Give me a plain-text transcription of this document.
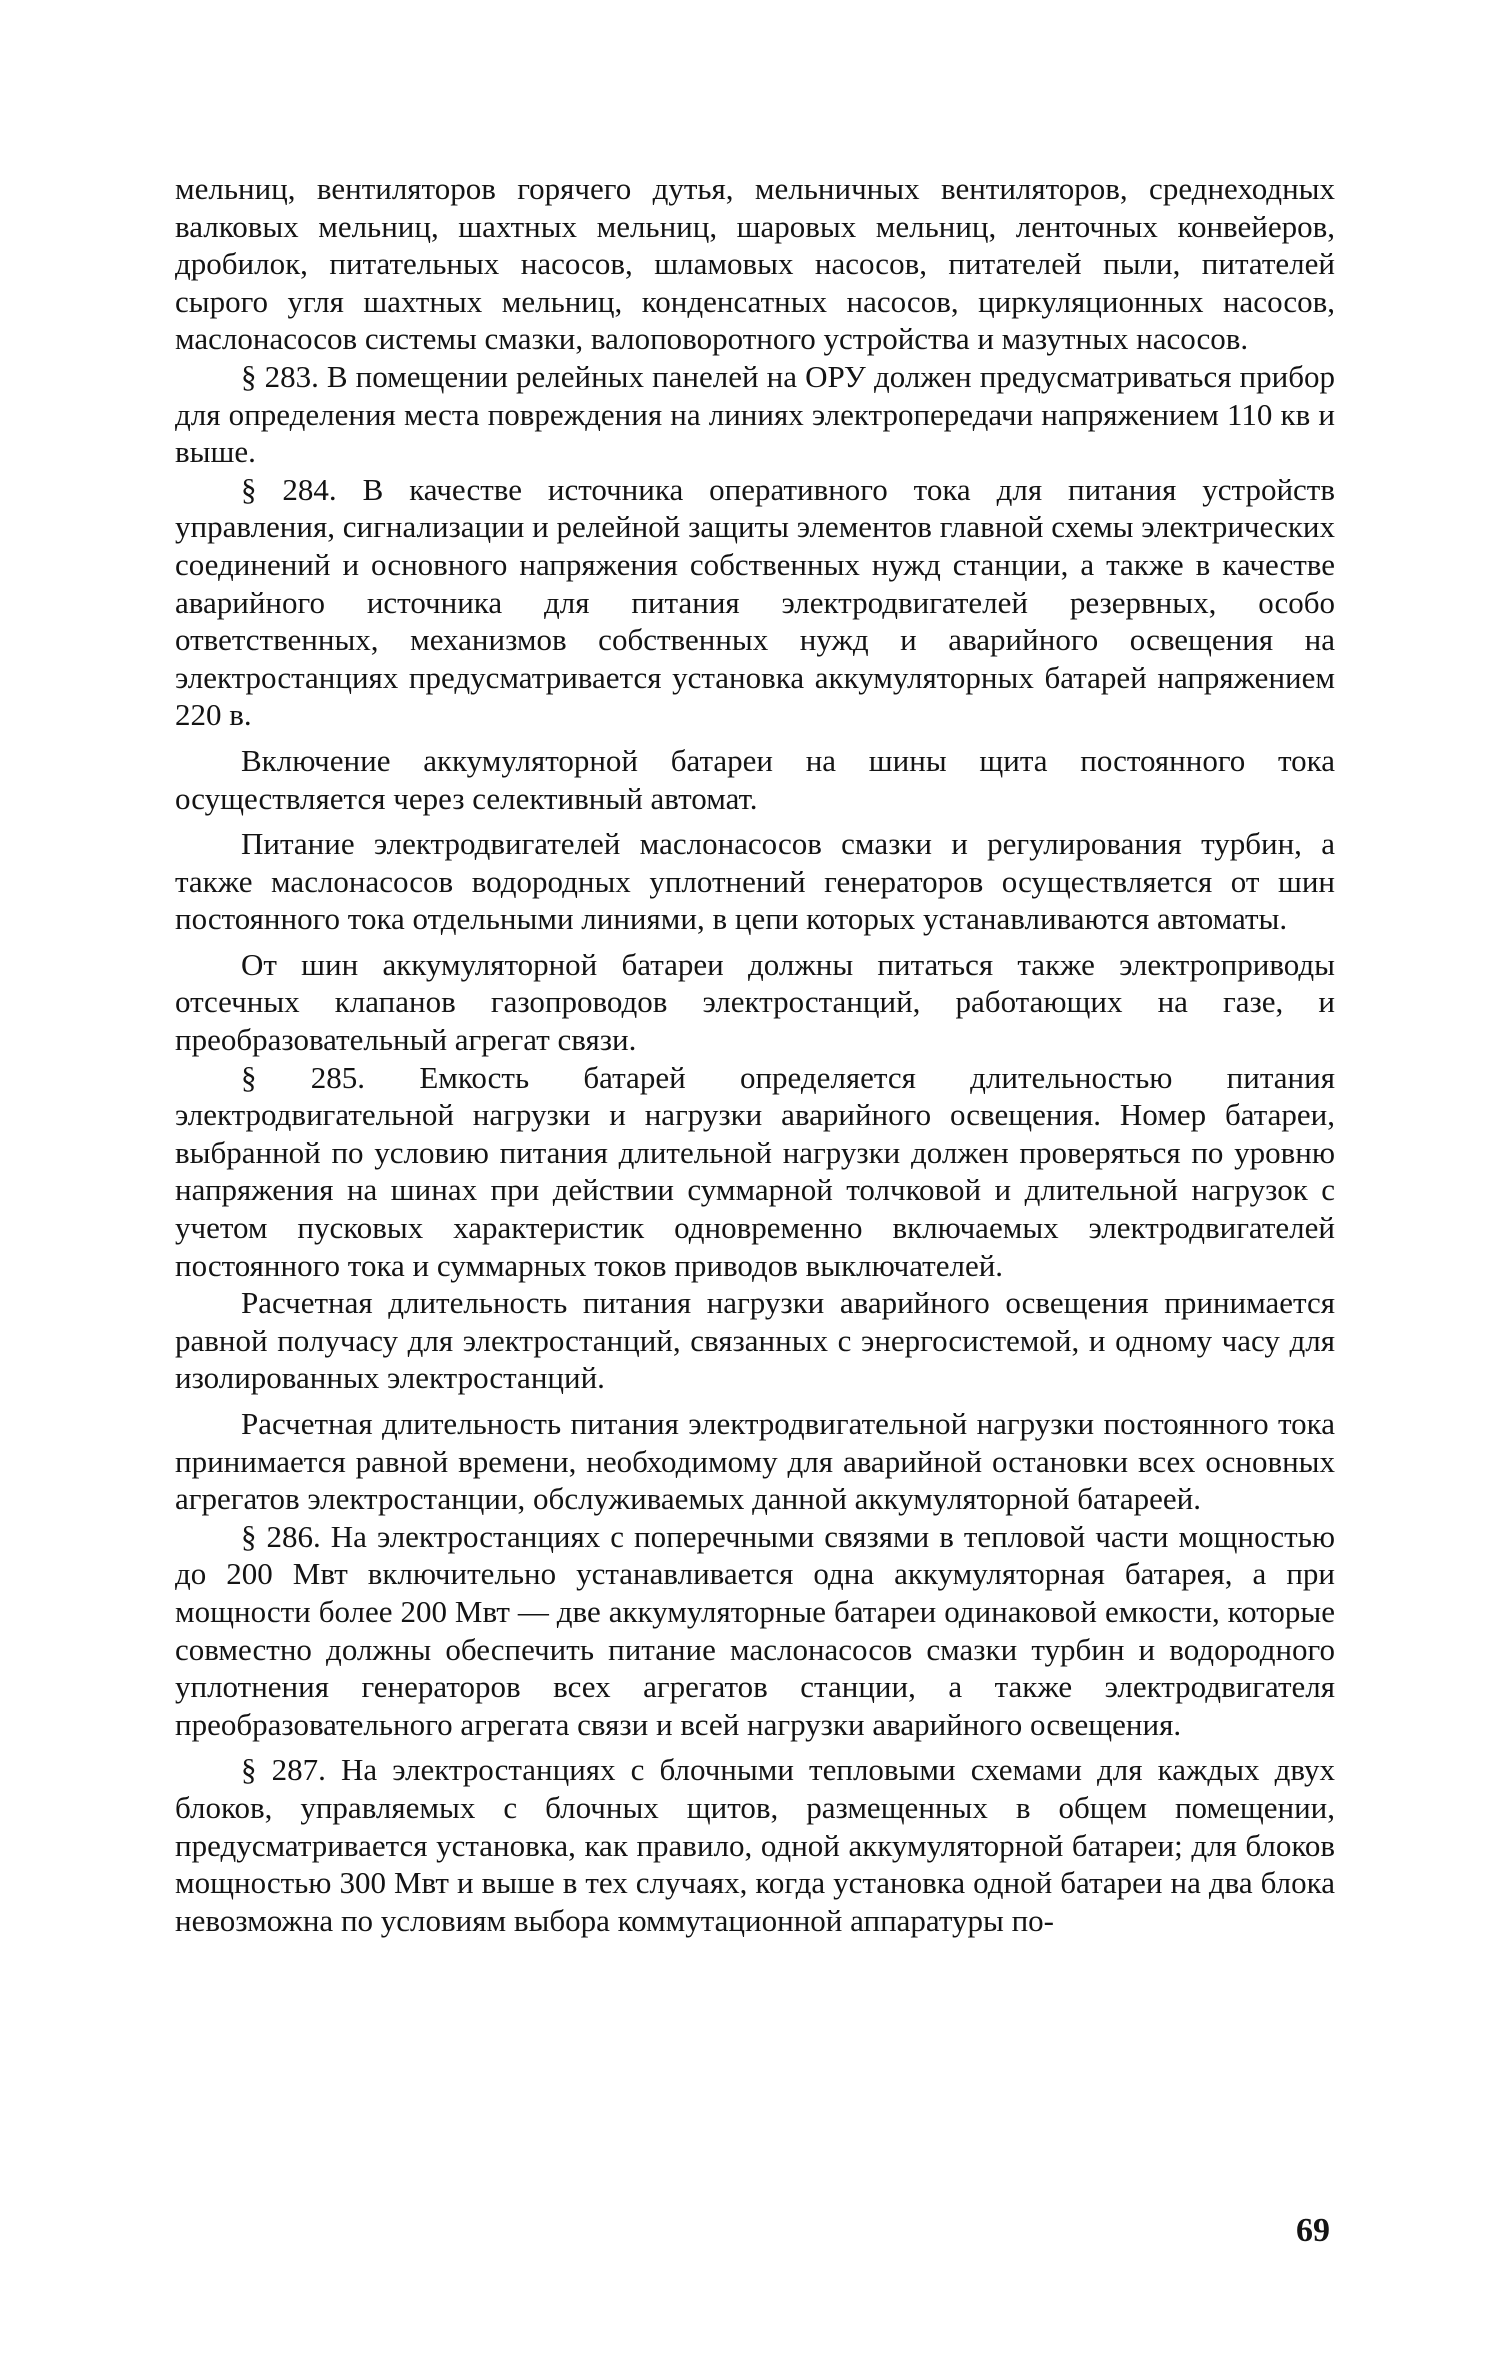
мельниц, вентиляторов горячего дутья, мельничных вентиляторов, среднеходных валковых мельниц, шахтных мельниц, шаровых мельниц, ленточных конвейеров, дробилок, питательных насосов, шламовых насосов, питателей пыли, питателей сырого угля шахтных мельниц, конденсатных насосов, циркуляционных насосов, маслонасосов системы смазки, валоповоротного устройства и мазутных насосов.

§ 283. В помещении релейных панелей на ОРУ должен предусматриваться прибор для определения места повреждения на линиях электропередачи напряжением 110 кв и выше.

§ 284. В качестве источника оперативного тока для питания устройств управления, сигнализации и релейной защиты элементов главной схемы электрических соединений и основного напряжения собственных нужд станции, а также в качестве аварийного источника для питания электродвигателей резервных, особо ответственных, механизмов собственных нужд и аварийного освещения на электростанциях предусматривается установка аккумуляторных батарей напряжением 220 в.

Включение аккумуляторной батареи на шины щита постоянного тока осуществляется через селективный автомат.

Питание электродвигателей маслонасосов смазки и регулирования турбин, а также маслонасосов водородных уплотнений генераторов осуществляется от шин постоянного тока отдельными линиями, в цепи которых устанавливаются автоматы.

От шин аккумуляторной батареи должны питаться также электроприводы отсечных клапанов газопроводов электростанций, работающих на газе, и преобразовательный агрегат связи.

§ 285. Емкость батарей определяется длительностью питания электродвигательной нагрузки и нагрузки аварийного освещения. Номер батареи, выбранной по условию питания длительной нагрузки должен проверяться по уровню напряжения на шинах при действии суммарной толчковой и длительной нагрузок с учетом пусковых характеристик одновременно включаемых электродвигателей постоянного тока и суммарных токов приводов выключателей.

Расчетная длительность питания нагрузки аварийного освещения принимается равной получасу для электростанций, связанных с энергосистемой, и одному часу для изолированных электростанций.

Расчетная длительность питания электродвигательной нагрузки постоянного тока принимается равной времени, необходимому для аварийной остановки всех основных агрегатов электростанции, обслуживаемых данной аккумуляторной батареей.

§ 286. На электростанциях с поперечными связями в тепловой части мощностью до 200 Мвт включительно устанавливается одна аккумуляторная батарея, а при мощности более 200 Мвт — две аккумуляторные батареи одинаковой емкости, которые совместно должны обеспечить питание маслонасосов смазки турбин и водородного уплотнения генераторов всех агрегатов станции, а также электродвигателя преобразовательного агрегата связи и всей нагрузки аварийного освещения.

§ 287. На электростанциях с блочными тепловыми схемами для каждых двух блоков, управляемых с блочных щитов, размещенных в общем помещении, предусматривается установка, как правило, одной аккумуляторной батареи; для блоков мощностью 300 Мвт и выше в тех случаях, когда установка одной батареи на два блока невозможна по условиям выбора коммутационной аппаратуры по-

69
